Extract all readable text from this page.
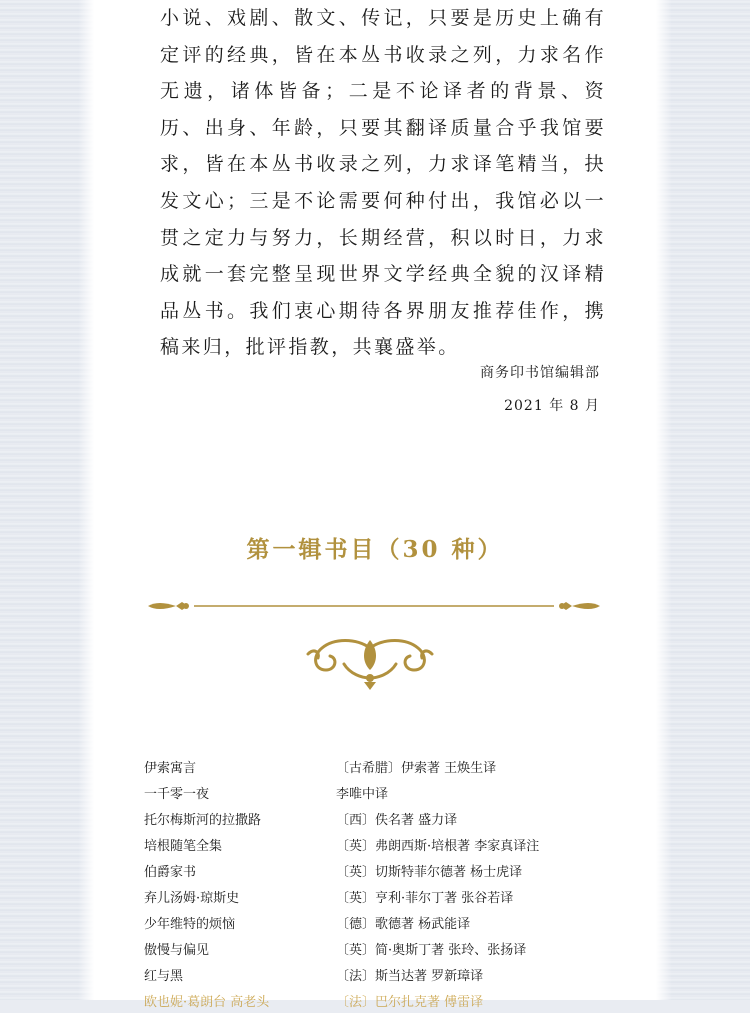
小说、戏剧、散文、传记，只要是历史上确有定评的经典，皆在本丛书收录之列，力求名作无遗，诸体皆备；二是不论译者的背景、资历、出身、年龄，只要其翻译质量合乎我馆要求，皆在本丛书收录之列，力求译笔精当，抉发文心；三是不论需要何种付出，我馆必以一贯之定力与努力，长期经营，积以时日，力求成就一套完整呈现世界文学经典全貌的汉译精品丛书。我们衷心期待各界朋友推荐佳作，携稿来归，批评指教，共襄盛举。

商务印书馆编辑部
2021 年 8 月
第一辑书目（30 种）
伊索寓言	〔古希腊〕伊索著 王焕生译
一千零一夜	李唯中译
托尔梅斯河的拉撒路	〔西〕佚名著 盛力译
培根随笔全集	〔英〕弗朗西斯·培根著 李家真译注
伯爵家书	〔英〕切斯特菲尔德著 杨士虎译
弃儿汤姆·琼斯史	〔英〕亨利·菲尔丁著 张谷若译
少年维特的烦恼	〔德〕歌德著 杨武能译
傲慢与偏见	〔英〕简·奥斯丁著 张玲、张扬译
红与黑	〔法〕斯当达著 罗新璋译
欧也妮·葛朗台 高老头	〔法〕巴尔扎克著 傅雷译
